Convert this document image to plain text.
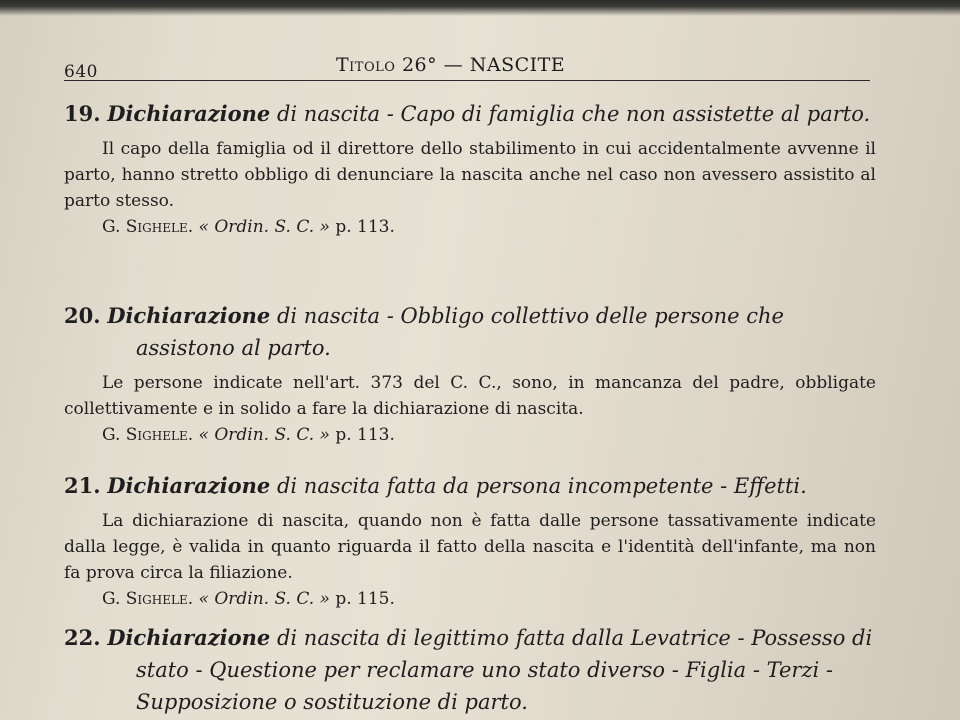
640	Titolo 26° — NASCITE

19. Dichiarazione di nascita - Capo di famiglia che non assistette al parto.

Il capo della famiglia od il direttore dello stabilimento in cui accidentalmente avvenne il parto, hanno stretto obbligo di denunciare la nascita anche nel caso non avessero assistito al parto stesso.

G. Sighele. « Ordin. S. C. » p. 113.

20. Dichiarazione di nascita - Obbligo collettivo delle persone che assistono al parto.

Le persone indicate nell'art. 373 del C. C., sono, in mancanza del padre, obbligate collettivamente e in solido a fare la dichiarazione di nascita.

G. Sighele. « Ordin. S. C. » p. 113.

21. Dichiarazione di nascita fatta da persona incompetente - Effetti.

La dichiarazione di nascita, quando non è fatta dalle persone tassativamente indicate dalla legge, è valida in quanto riguarda il fatto della nascita e l'identità dell'infante, ma non fa prova circa la filiazione.

G. Sighele. « Ordin. S. C. » p. 115.

22. Dichiarazione di nascita di legittimo fatta dalla Levatrice - Possesso di stato - Questione per reclamare uno stato diverso - Figlia - Terzi - Supposizione o sostituzione di parto.
